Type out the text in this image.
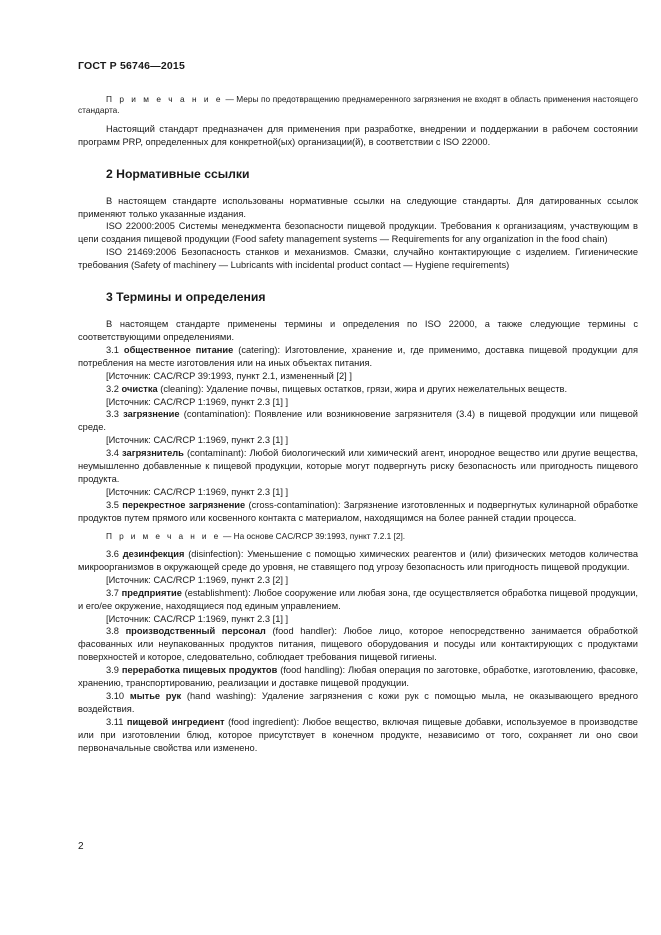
ГОСТ Р 56746—2015

П р и м е ч а н и е — Меры по предотвращению преднамеренного загрязнения не входят в область применения настоящего стандарта.

Настоящий стандарт предназначен для применения при разработке, внедрении и поддержании в рабочем состоянии программ PRP, определенных для конкретной(ых) организации(й), в соответствии с ISO 22000.

2 Нормативные ссылки

В настоящем стандарте использованы нормативные ссылки на следующие стандарты. Для датированных ссылок применяют только указанные издания.

ISO 22000:2005 Системы менеджмента безопасности пищевой продукции. Требования к организациям, участвующим в цепи создания пищевой продукции (Food safety management systems — Requirements for any organization in the food chain)

ISO 21469:2006 Безопасность станков и механизмов. Смазки, случайно контактирующие с изделием. Гигиенические требования (Safety of machinery — Lubricants with incidental product contact — Hygiene requirements)

3 Термины и определения

В настоящем стандарте применены термины и определения по ISO 22000, а также следующие термины с соответствующими определениями.

3.1 общественное питание (catering): Изготовление, хранение и, где применимо, доставка пищевой продукции для потребления на месте изготовления или на иных объектах питания.

[Источник: CAC/RCP 39:1993, пункт 2.1, измененный [2] ]

3.2 очистка (cleaning): Удаление почвы, пищевых остатков, грязи, жира и других нежелательных веществ.

[Источник: CAC/RCP 1:1969, пункт 2.3 [1] ]

3.3 загрязнение (contamination): Появление или возникновение загрязнителя (3.4) в пищевой продукции или пищевой среде.

[Источник: CAC/RCP 1:1969, пункт 2.3 [1] ]

3.4 загрязнитель (contaminant): Любой биологический или химический агент, инородное вещество или другие вещества, неумышленно добавленные к пищевой продукции, которые могут подвергнуть риску безопасность или пригодность пищевого продукта.

[Источник: CAC/RCP 1:1969, пункт 2.3 [1] ]

3.5 перекрестное загрязнение (cross-contamination): Загрязнение изготовленных и подвергнутых кулинарной обработке продуктов путем прямого или косвенного контакта с материалом, находящимся на более ранней стадии процесса.

П р и м е ч а н и е — На основе CAC/RCP 39:1993, пункт 7.2.1 [2].

3.6 дезинфекция (disinfection): Уменьшение с помощью химических реагентов и (или) физических методов количества микроорганизмов в окружающей среде до уровня, не ставящего под угрозу безопасность или пригодность пищевой продукции.

[Источник: CAC/RCP 1:1969, пункт 2.3 [2] ]

3.7 предприятие (establishment): Любое сооружение или любая зона, где осуществляется обработка пищевой продукции, и его/ее окружение, находящиеся под единым управлением.

[Источник: CAC/RCP 1:1969, пункт 2.3 [1] ]

3.8 производственный персонал (food handler): Любое лицо, которое непосредственно занимается обработкой фасованных или неупакованных продуктов питания, пищевого оборудования и посуды или контактирующих с продуктами поверхностей и которое, следовательно, соблюдает требования пищевой гигиены.

3.9 переработка пищевых продуктов (food handling): Любая операция по заготовке, обработке, изготовлению, фасовке, хранению, транспортированию, реализации и доставке пищевой продукции.

3.10 мытье рук (hand washing): Удаление загрязнения с кожи рук с помощью мыла, не оказывающего вредного воздействия.

3.11 пищевой ингредиент (food ingredient): Любое вещество, включая пищевые добавки, используемое в производстве или при изготовлении блюд, которое присутствует в конечном продукте, независимо от того, сохраняет ли оно свои первоначальные свойства или изменено.

2
